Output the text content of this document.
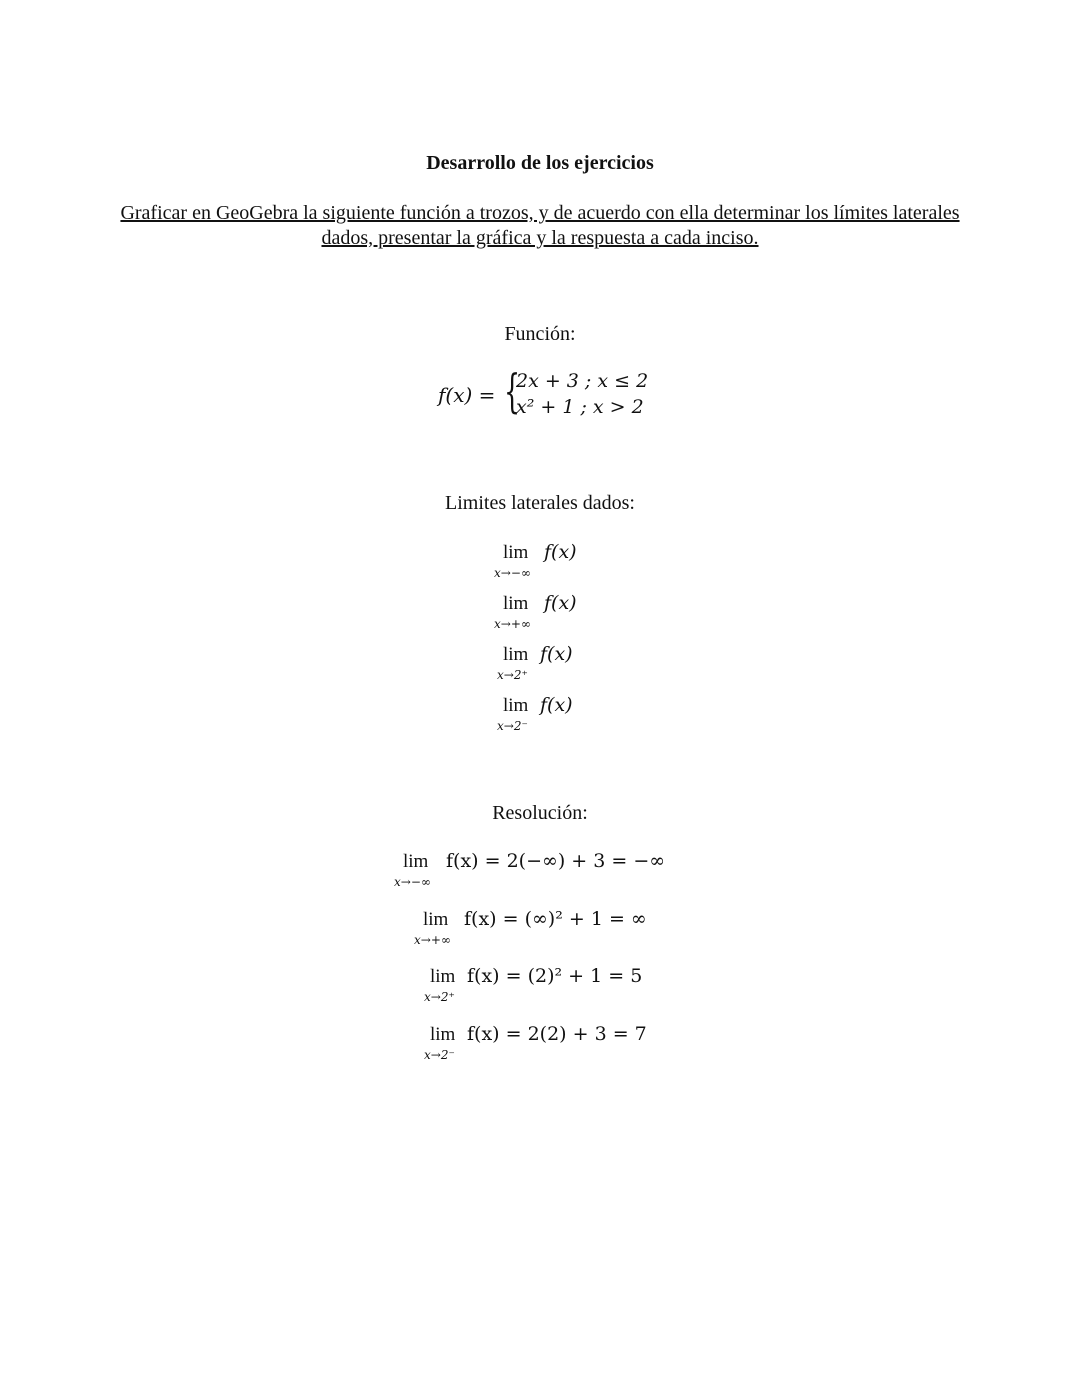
Desarrollo de los ejercicios
Graficar en GeoGebra la siguiente función a trozos, y de acuerdo con ella determinar los límites laterales
dados, presentar la gráfica y la respuesta a cada inciso.
Función:
f(x) = {
2x + 3 ; x ≤ 2
x² + 1 ; x > 2
Limites laterales dados:
lim
x→−∞
f(x)
lim
x→+∞
f(x)
lim
x→2⁺
f(x)
lim
x→2⁻
f(x)
Resolución:
lim
x→−∞
f(x) = 2(−∞) + 3 = −∞
lim
x→+∞
f(x) = (∞)² + 1 = ∞
lim
x→2⁺
f(x) = (2)² + 1 = 5
lim
x→2⁻
f(x) = 2(2) + 3 = 7
